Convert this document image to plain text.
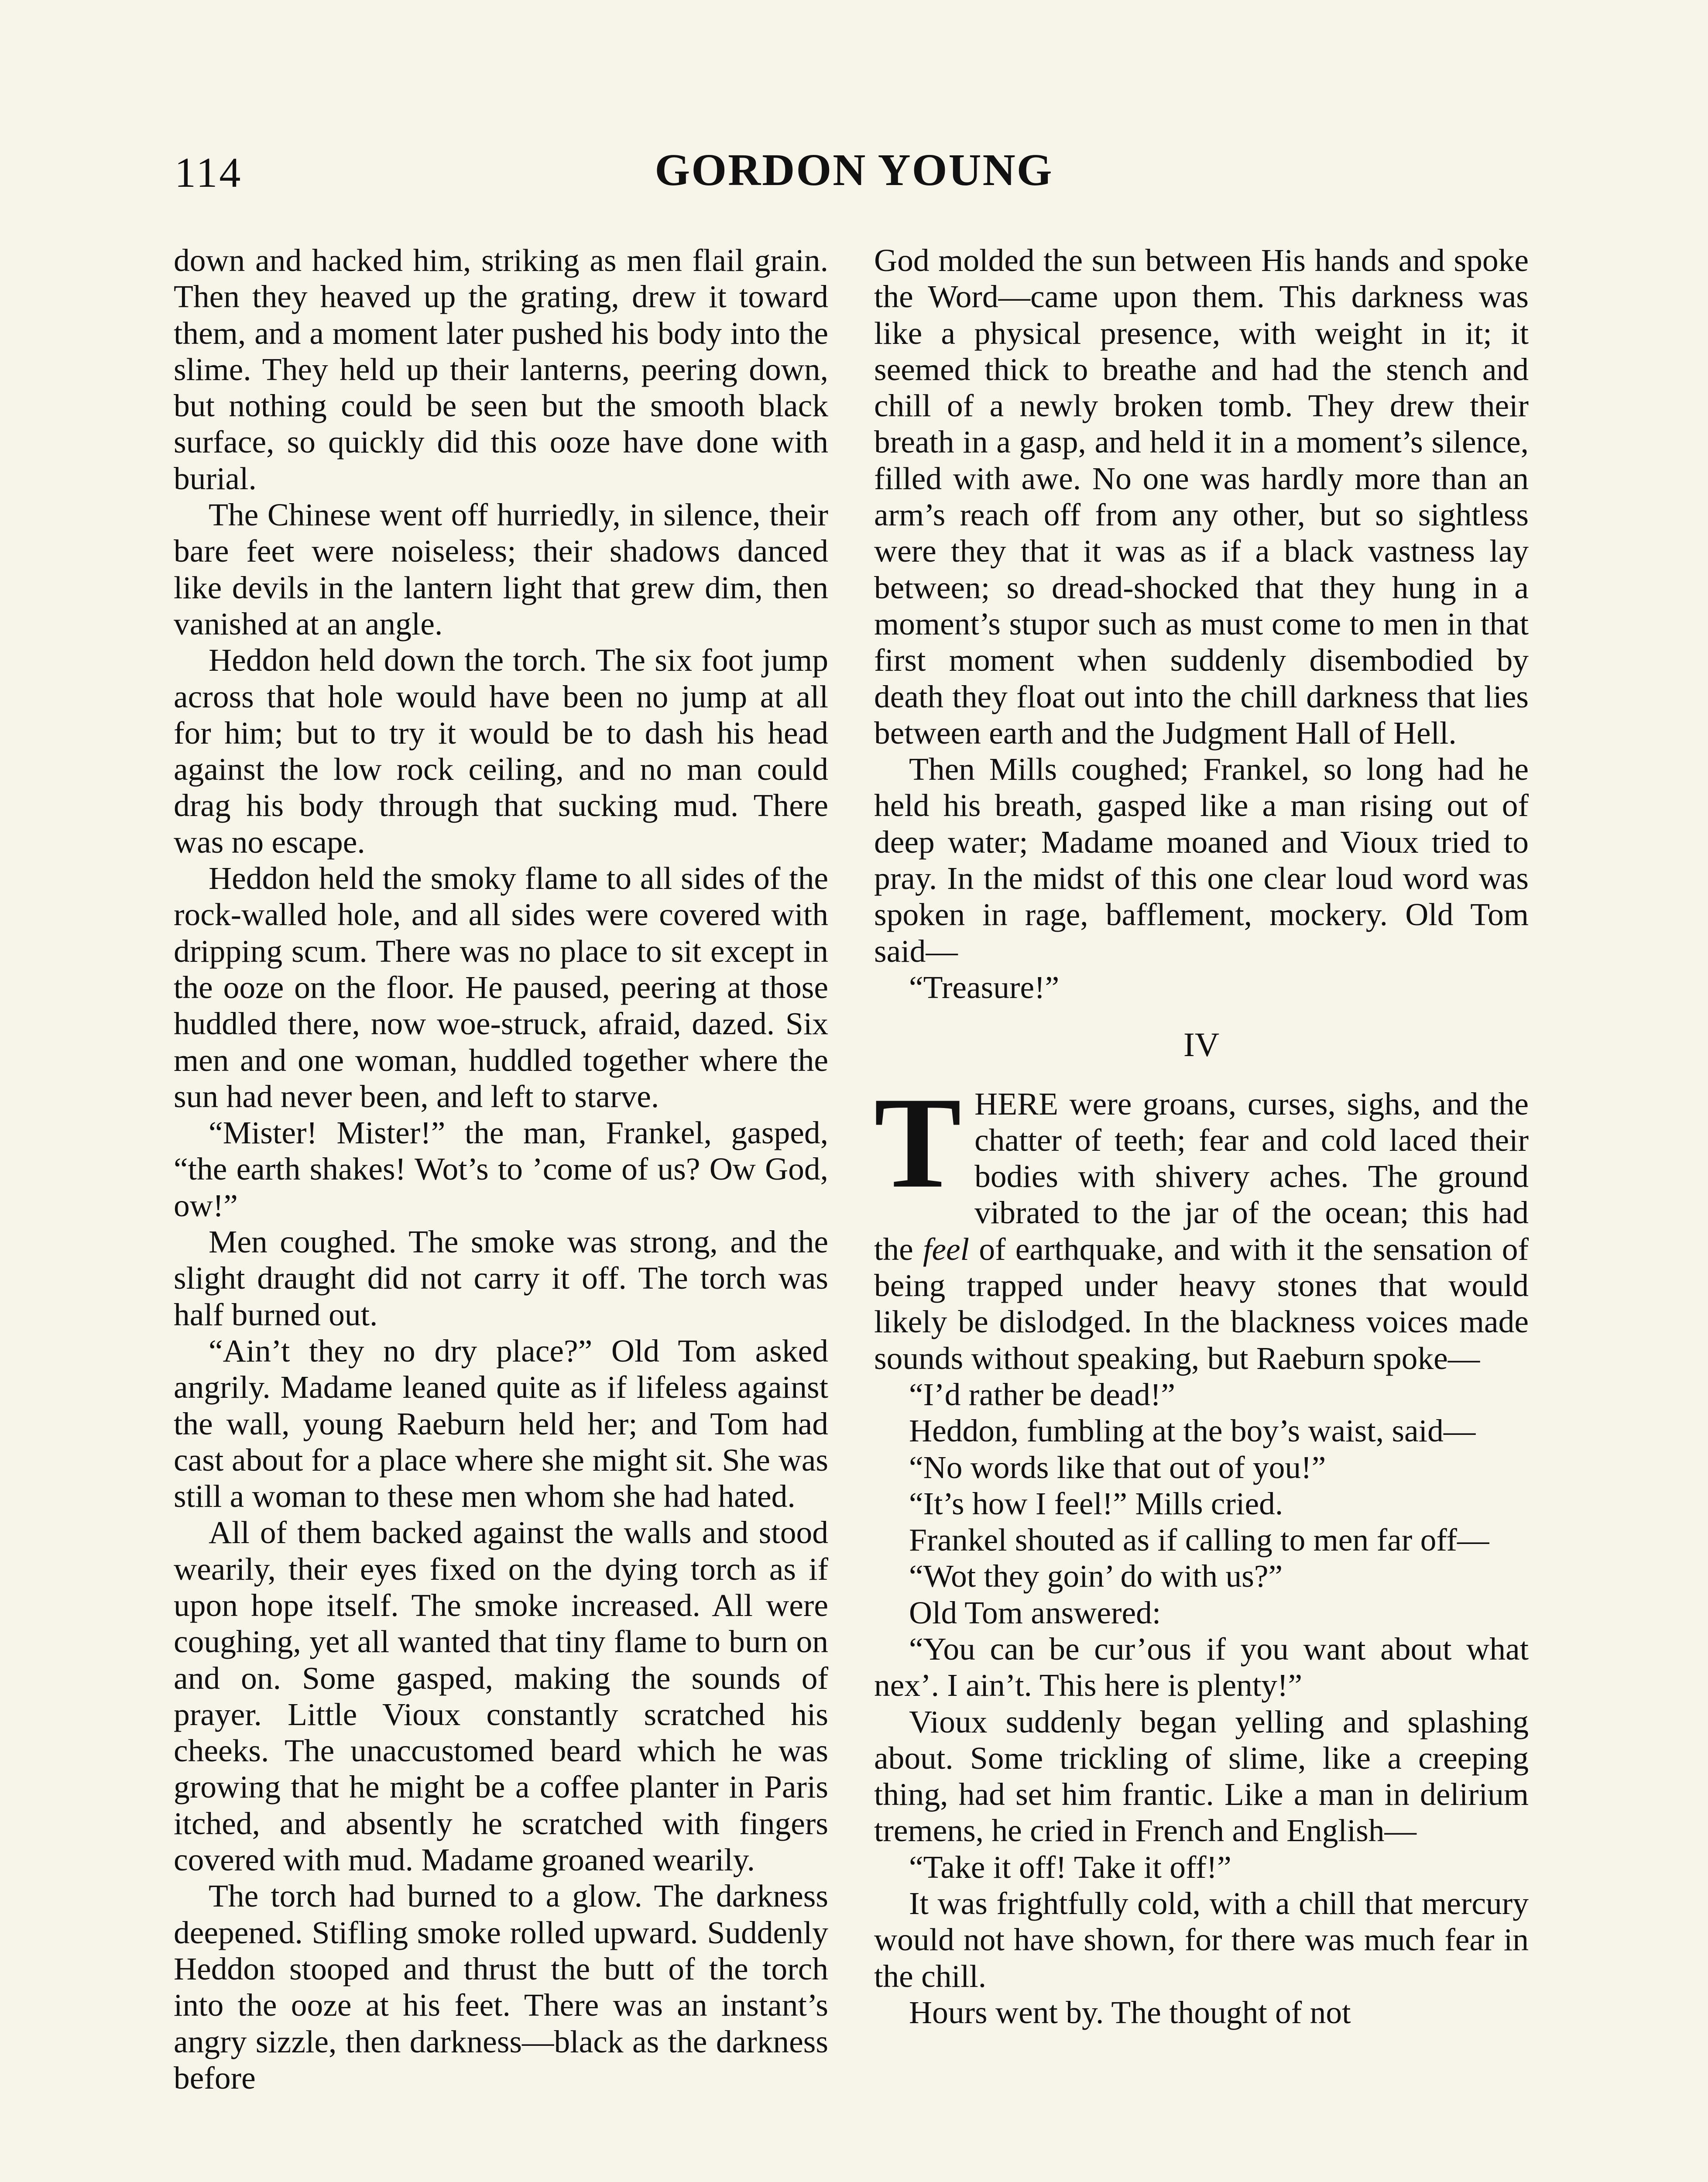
114	GORDON YOUNG

down and hacked him, striking as men flail grain. Then they heaved up the grating, drew it toward them, and a moment later pushed his body into the slime. They held up their lanterns, peering down, but nothing could be seen but the smooth black surface, so quickly did this ooze have done with burial.

The Chinese went off hurriedly, in silence, their bare feet were noiseless; their shadows danced like devils in the lantern light that grew dim, then vanished at an angle.

Heddon held down the torch. The six foot jump across that hole would have been no jump at all for him; but to try it would be to dash his head against the low rock ceiling, and no man could drag his body through that sucking mud. There was no escape.

Heddon held the smoky flame to all sides of the rock-walled hole, and all sides were covered with dripping scum. There was no place to sit except in the ooze on the floor. He paused, peering at those huddled there, now woe-struck, afraid, dazed. Six men and one woman, huddled together where the sun had never been, and left to starve.

“Mister! Mister!” the man, Frankel, gasped, “the earth shakes! Wot’s to ’come of us? Ow God, ow!”

Men coughed. The smoke was strong, and the slight draught did not carry it off. The torch was half burned out.

“Ain’t they no dry place?” Old Tom asked angrily. Madame leaned quite as if lifeless against the wall, young Raeburn held her; and Tom had cast about for a place where she might sit. She was still a woman to these men whom she had hated.

All of them backed against the walls and stood wearily, their eyes fixed on the dying torch as if upon hope itself. The smoke increased. All were coughing, yet all wanted that tiny flame to burn on and on. Some gasped, making the sounds of prayer. Little Vioux constantly scratched his cheeks. The unaccustomed beard which he was growing that he might be a coffee planter in Paris itched, and absently he scratched with fingers covered with mud. Madame groaned wearily.

The torch had burned to a glow. The darkness deepened. Stifling smoke rolled upward. Suddenly Heddon stooped and thrust the butt of the torch into the ooze at his feet. There was an instant’s angry sizzle, then darkness—black as the darkness before

God molded the sun between His hands and spoke the Word—came upon them. This darkness was like a physical presence, with weight in it; it seemed thick to breathe and had the stench and chill of a newly broken tomb. They drew their breath in a gasp, and held it in a moment’s silence, filled with awe. No one was hardly more than an arm’s reach off from any other, but so sightless were they that it was as if a black vastness lay between; so dread-shocked that they hung in a moment’s stupor such as must come to men in that first moment when suddenly disembodied by death they float out into the chill darkness that lies between earth and the Judgment Hall of Hell.

Then Mills coughed; Frankel, so long had he held his breath, gasped like a man rising out of deep water; Madame moaned and Vioux tried to pray. In the midst of this one clear loud word was spoken in rage, bafflement, mockery. Old Tom said—

“Treasure!”

IV

THERE were groans, curses, sighs, and the chatter of teeth; fear and cold laced their bodies with shivery aches. The ground vibrated to the jar of the ocean; this had the feel of earthquake, and with it the sensation of being trapped under heavy stones that would likely be dislodged. In the blackness voices made sounds without speaking, but Raeburn spoke—

“I’d rather be dead!”

Heddon, fumbling at the boy’s waist, said—

“No words like that out of you!”

“It’s how I feel!” Mills cried.

Frankel shouted as if calling to men far off—

“Wot they goin’ do with us?”

Old Tom answered:

“You can be cur’ous if you want about what nex’. I ain’t. This here is plenty!”

Vioux suddenly began yelling and splashing about. Some trickling of slime, like a creeping thing, had set him frantic. Like a man in delirium tremens, he cried in French and English—

“Take it off! Take it off!”

It was frightfully cold, with a chill that mercury would not have shown, for there was much fear in the chill.

Hours went by. The thought of not
